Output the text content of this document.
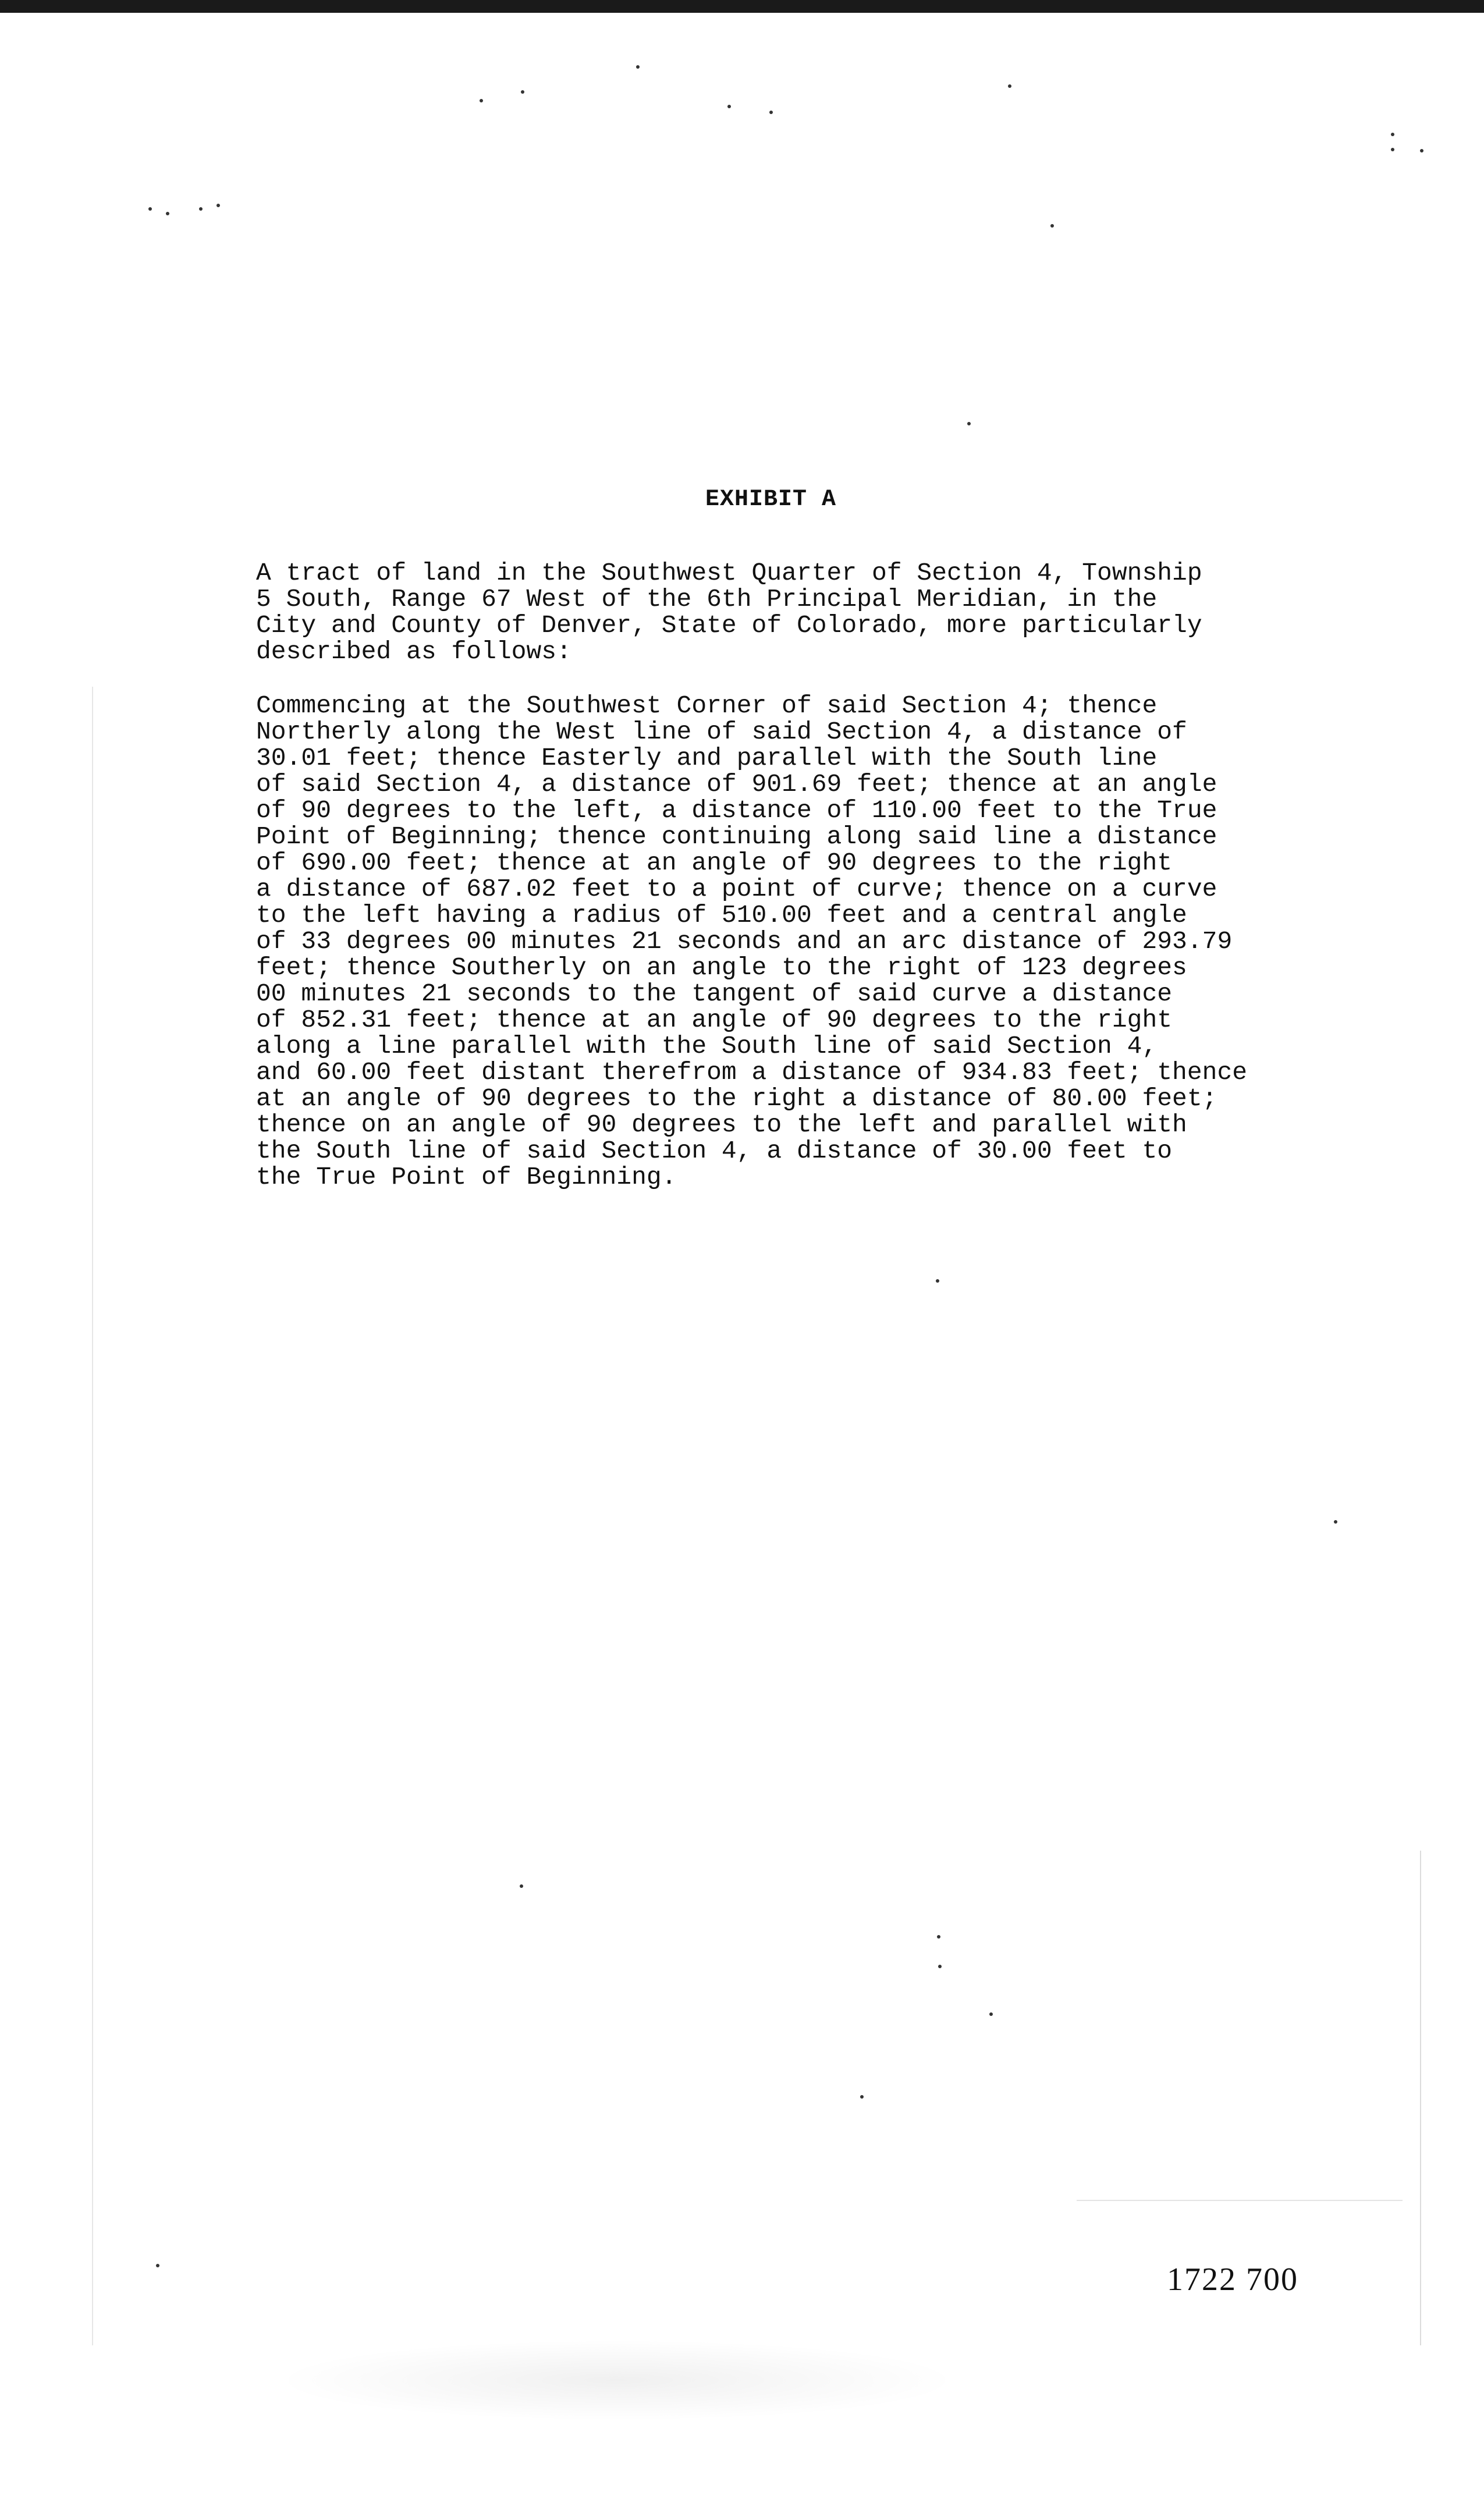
EXHIBIT A

A tract of land in the Southwest Quarter of Section 4, Township
5 South, Range 67 West of the 6th Principal Meridian, in the
City and County of Denver, State of Colorado, more particularly
described as follows:

Commencing at the Southwest Corner of said Section 4; thence
Northerly along the West line of said Section 4, a distance of
30.01 feet; thence Easterly and parallel with the South line
of said Section 4, a distance of 901.69 feet; thence at an angle
of 90 degrees to the left, a distance of 110.00 feet to the True
Point of Beginning; thence continuing along said line a distance
of 690.00 feet; thence at an angle of 90 degrees to the right
a distance of 687.02 feet to a point of curve; thence on a curve
to the left having a radius of 510.00 feet and a central angle
of 33 degrees 00 minutes 21 seconds and an arc distance of 293.79
feet; thence Southerly on an angle to the right of 123 degrees
00 minutes 21 seconds to the tangent of said curve a distance
of 852.31 feet; thence at an angle of 90 degrees to the right
along a line parallel with the South line of said Section 4,
and 60.00 feet distant therefrom a distance of 934.83 feet; thence
at an angle of 90 degrees to the right a distance of 80.00 feet;
thence on an angle of 90 degrees to the left and parallel with
the South line of said Section 4, a distance of 30.00 feet to
the True Point of Beginning.

1722 700
